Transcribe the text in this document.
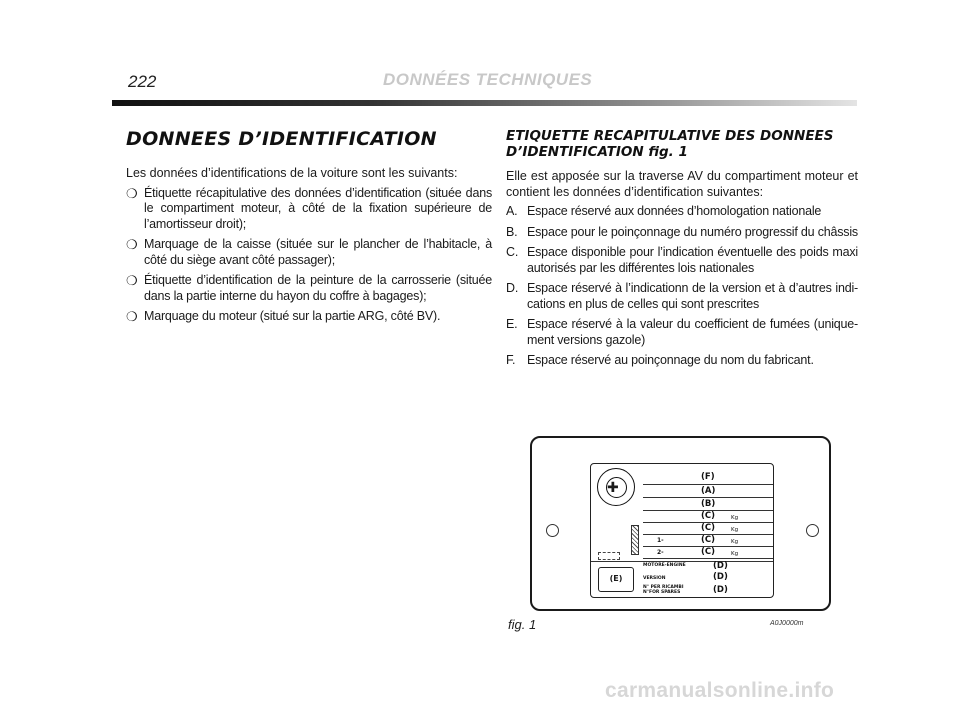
222	DONNÉES TECHNIQUES
DONNEES D’IDENTIFICATION

Les données d’identifications de la voiture sont les suivants:

❍ Étiquette récapitulative des données d’identification (située dans le compartiment moteur, à côté de la fixation supérieure de l’amortisseur droit);
❍ Marquage de la caisse (située sur le plancher de l’habitacle, à côté du siège avant côté passager);
❍ Étiquette d’identification de la peinture de la carrosserie (située dans la partie interne du hayon du coffre à bagages);
❍ Marquage du moteur (situé sur la partie ARG, côté BV).
ETIQUETTE RECAPITULATIVE DES DONNEES D’IDENTIFICATION fig. 1

Elle est apposée sur la traverse AV du compartiment moteur et contient les données d’identification suivantes:

A. Espace réservé aux données d’homologation nationale
B. Espace pour le poinçonnage du numéro progressif du châssis
C. Espace disponible pour l’indication éventuelle des poids maxi autorisés par les différentes lois nationales
D. Espace réservé à l’indicationn de la version et à d’autres indi-cations en plus de celles qui sont prescrites
E. Espace réservé à la valeur du coefficient de fumées (unique-ment versions gazole)
F. Espace réservé au poinçonnage du nom du fabricant.
✚
(F)
(A)
(B)
(C)
(C)
(C)
(C)
Kg
Kg
Kg
Kg
1-
2-
MOTORE-ENGINE	(D)
VERSION	(D)
N° PER RICAMBI
N°FOR SPARES	(D)
(E)
fig. 1	A0J0000m
carmanualsonline.info
